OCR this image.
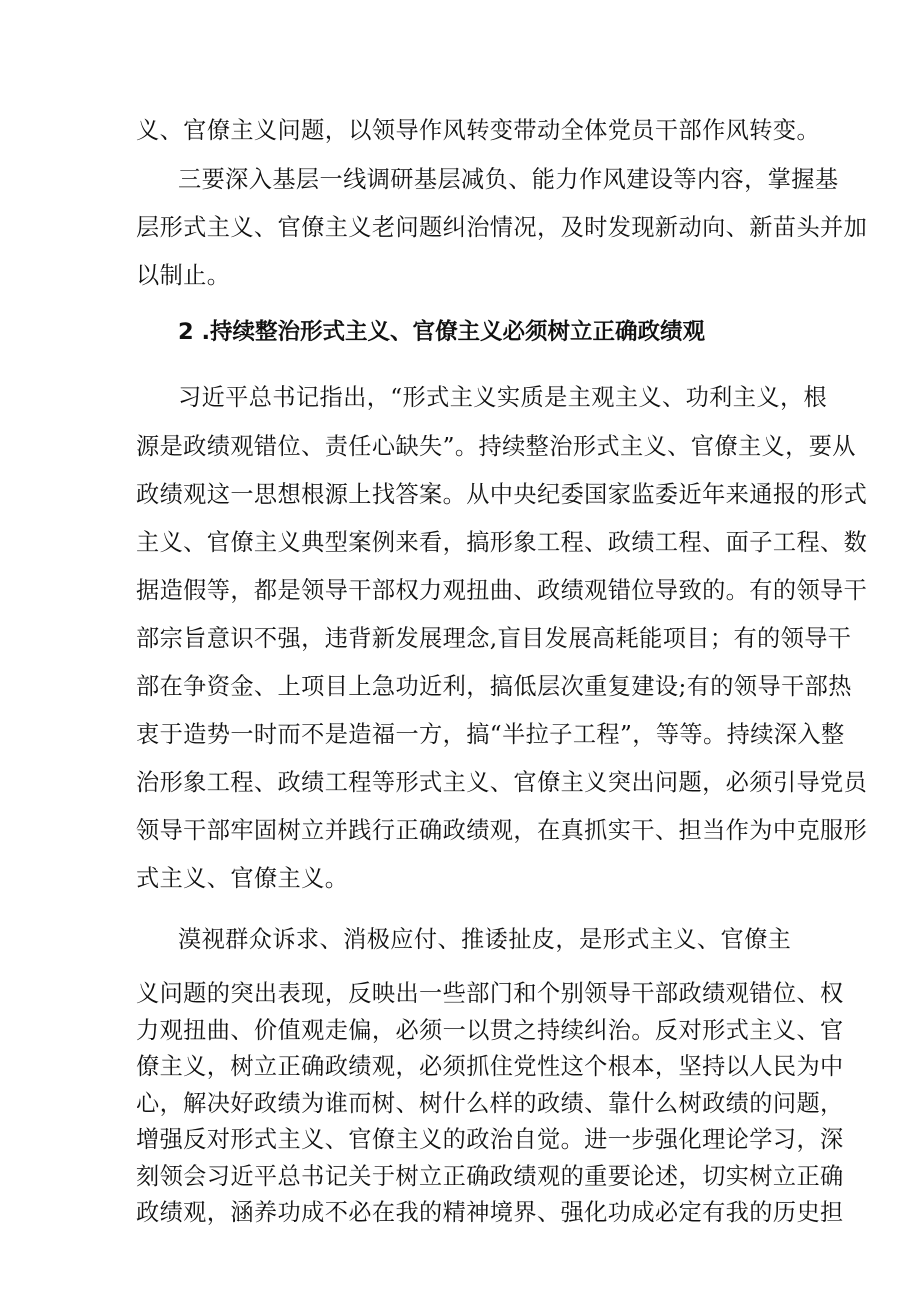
义、官僚主义问题，以领导作风转变带动全体党员干部作风转变。
三要深入基层一线调研基层减负、能力作风建设等内容，掌握基
层形式主义、官僚主义老问题纠治情况，及时发现新动向、新苗头并加
以制止。
2 .持续整治形式主义、官僚主义必须树立正确政绩观
习近平总书记指出，“形式主义实质是主观主义、功利主义，根
源是政绩观错位、责任心缺失”。持续整治形式主义、官僚主义，要从
政绩观这一思想根源上找答案。从中央纪委国家监委近年来通报的形式
主义、官僚主义典型案例来看，搞形象工程、政绩工程、面子工程、数
据造假等，都是领导干部权力观扭曲、政绩观错位导致的。有的领导干
部宗旨意识不强，违背新发展理念,盲目发展高耗能项目；有的领导干
部在争资金、上项目上急功近利，搞低层次重复建设;有的领导干部热
衷于造势一时而不是造福一方，搞“半拉子工程”，等等。持续深入整
治形象工程、政绩工程等形式主义、官僚主义突出问题，必须引导党员
领导干部牢固树立并践行正确政绩观，在真抓实干、担当作为中克服形
式主义、官僚主义。
漠视群众诉求、消极应付、推诿扯皮，是形式主义、官僚主
义问题的突出表现，反映出一些部门和个别领导干部政绩观错位、权
力观扭曲、价值观走偏，必须一以贯之持续纠治。反对形式主义、官
僚主义，树立正确政绩观，必须抓住党性这个根本，坚持以人民为中
心，解决好政绩为谁而树、树什么样的政绩、靠什么树政绩的问题，
增强反对形式主义、官僚主义的政治自觉。进一步强化理论学习，深
刻领会习近平总书记关于树立正确政绩观的重要论述，切实树立正确
政绩观，涵养功成不必在我的精神境界、强化功成必定有我的历史担
